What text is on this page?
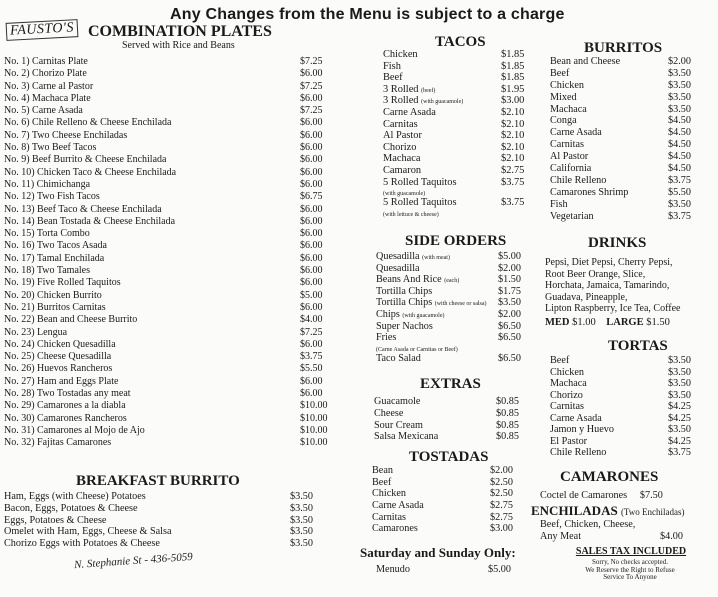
Any Changes from the Menu is subject to a charge
FAUSTO'S COMBINATION PLATES
Served with Rice and Beans
No. 1) Carnitas Plate	$7.25
No. 2) Chorizo Plate	$6.00
No. 3) Carne al Pastor	$7.25
No. 4) Machaca Plate	$6.00
No. 5) Carne Asada	$7.25
No. 6) Chile Relleno & Cheese Enchilada	$6.00
No. 7) Two Cheese Enchiladas	$6.00
No. 8) Two Beef Tacos	$6.00
No. 9) Beef Burrito & Cheese Enchilada	$6.00
No. 10) Chicken Taco & Cheese Enchilada	$6.00
No. 11) Chimichanga	$6.00
No. 12) Two Fish Tacos	$6.75
No. 13) Beef Taco & Cheese Enchilada	$6.00
No. 14) Bean Tostada & Cheese Enchilada	$6.00
No. 15) Torta Combo	$6.00
No. 16) Two Tacos Asada	$6.00
No. 17) Tamal Enchilada	$6.00
No. 18) Two Tamales	$6.00
No. 19) Five Rolled Taquitos	$6.00
No. 20) Chicken Burrito	$5.00
No. 21) Burritos Carnitas	$6.00
No. 22) Bean and Cheese Burrito	$4.00
No. 23) Lengua	$7.25
No. 24) Chicken Quesadilla	$6.00
No. 25) Cheese Quesadilla	$3.75
No. 26) Huevos Rancheros	$5.50
No. 27) Ham and Eggs Plate	$6.00
No. 28) Two Tostadas any meat	$6.00
No. 29) Camarones a la diabla	$10.00
No. 30) Camarones Rancheros	$10.00
No. 31) Camarones al Mojo de Ajo	$10.00
No. 32) Fajitas Camarones	$10.00
BREAKFAST BURRITO
Ham, Eggs (with Cheese) Potatoes	$3.50
Bacon, Eggs, Potatoes & Cheese	$3.50
Eggs, Potatoes & Cheese	$3.50
Omelet with Ham, Eggs, Cheese & Salsa	$3.50
Chorizo Eggs with Potatoes & Cheese	$3.50
N. Stephanie St - 436-5059
TACOS
Chicken	$1.85
Fish	$1.85
Beef	$1.85
3 Rolled (beef)	$1.95
3 Rolled (with guacamole)	$3.00
Carne Asada	$2.10
Carnitas	$2.10
Al Pastor	$2.10
Chorizo	$2.10
Machaca	$2.10
Camaron	$2.75
5 Rolled Taquitos	$3.75
(with guacamole)
5 Rolled Taquitos	$3.75
(with lettuce & cheese)
BURRITOS
Bean and Cheese	$2.00
Beef	$3.50
Chicken	$3.50
Mixed	$3.50
Machaca	$3.50
Conga	$4.50
Carne Asada	$4.50
Carnitas	$4.50
Al Pastor	$4.50
California	$4.50
Chile Relleno	$3.75
Camarones Shrimp	$5.50
Fish	$3.50
Vegetarian	$3.75
SIDE ORDERS
Quesadilla (with meat)	$5.00
Quesadilla	$2.00
Beans And Rice (each)	$1.50
Tortilla Chips	$1.75
Tortilla Chips (with cheese or salsa) $3.50
Chips (with guacamole)	$2.00
Super Nachos	$6.50
Fries	$6.50
(Carne Asada or Carnitas or Beef)
Taco Salad	$6.50
DRINKS
Pepsi, Diet Pepsi, Cherry Pepsi,
Root Beer Orange, Slice,
Horchata, Jamaica, Tamarindo,
Guadava, Pineapple,
Lipton Raspberry, Ice Tea, Coffee
MED $1.00 LARGE $1.50
TORTAS
Beef	$3.50
Chicken	$3.50
Machaca	$3.50
Chorizo	$3.50
Carnitas	$4.25
Carne Asada	$4.25
Jamon y Huevo	$3.50
El Pastor	$4.25
Chile Relleno	$3.75
EXTRAS
Guacamole	$0.85
Cheese	$0.85
Sour Cream	$0.85
Salsa Mexicana	$0.85
TOSTADAS
Bean	$2.00
Beef	$2.50
Chicken	$2.50
Carne Asada	$2.75
Carnitas	$2.75
Camarones	$3.00
CAMARONES
Coctel de Camarones $7.50
ENCHILADAS (Two Enchiladas)
Beef, Chicken, Cheese,
Any Meat	$4.00
Saturday and Sunday Only:
Menudo	$5.00
SALES TAX INCLUDED
Sorry, No checks accepted.
We Reserve the Right to Refuse
Service To Anyone
